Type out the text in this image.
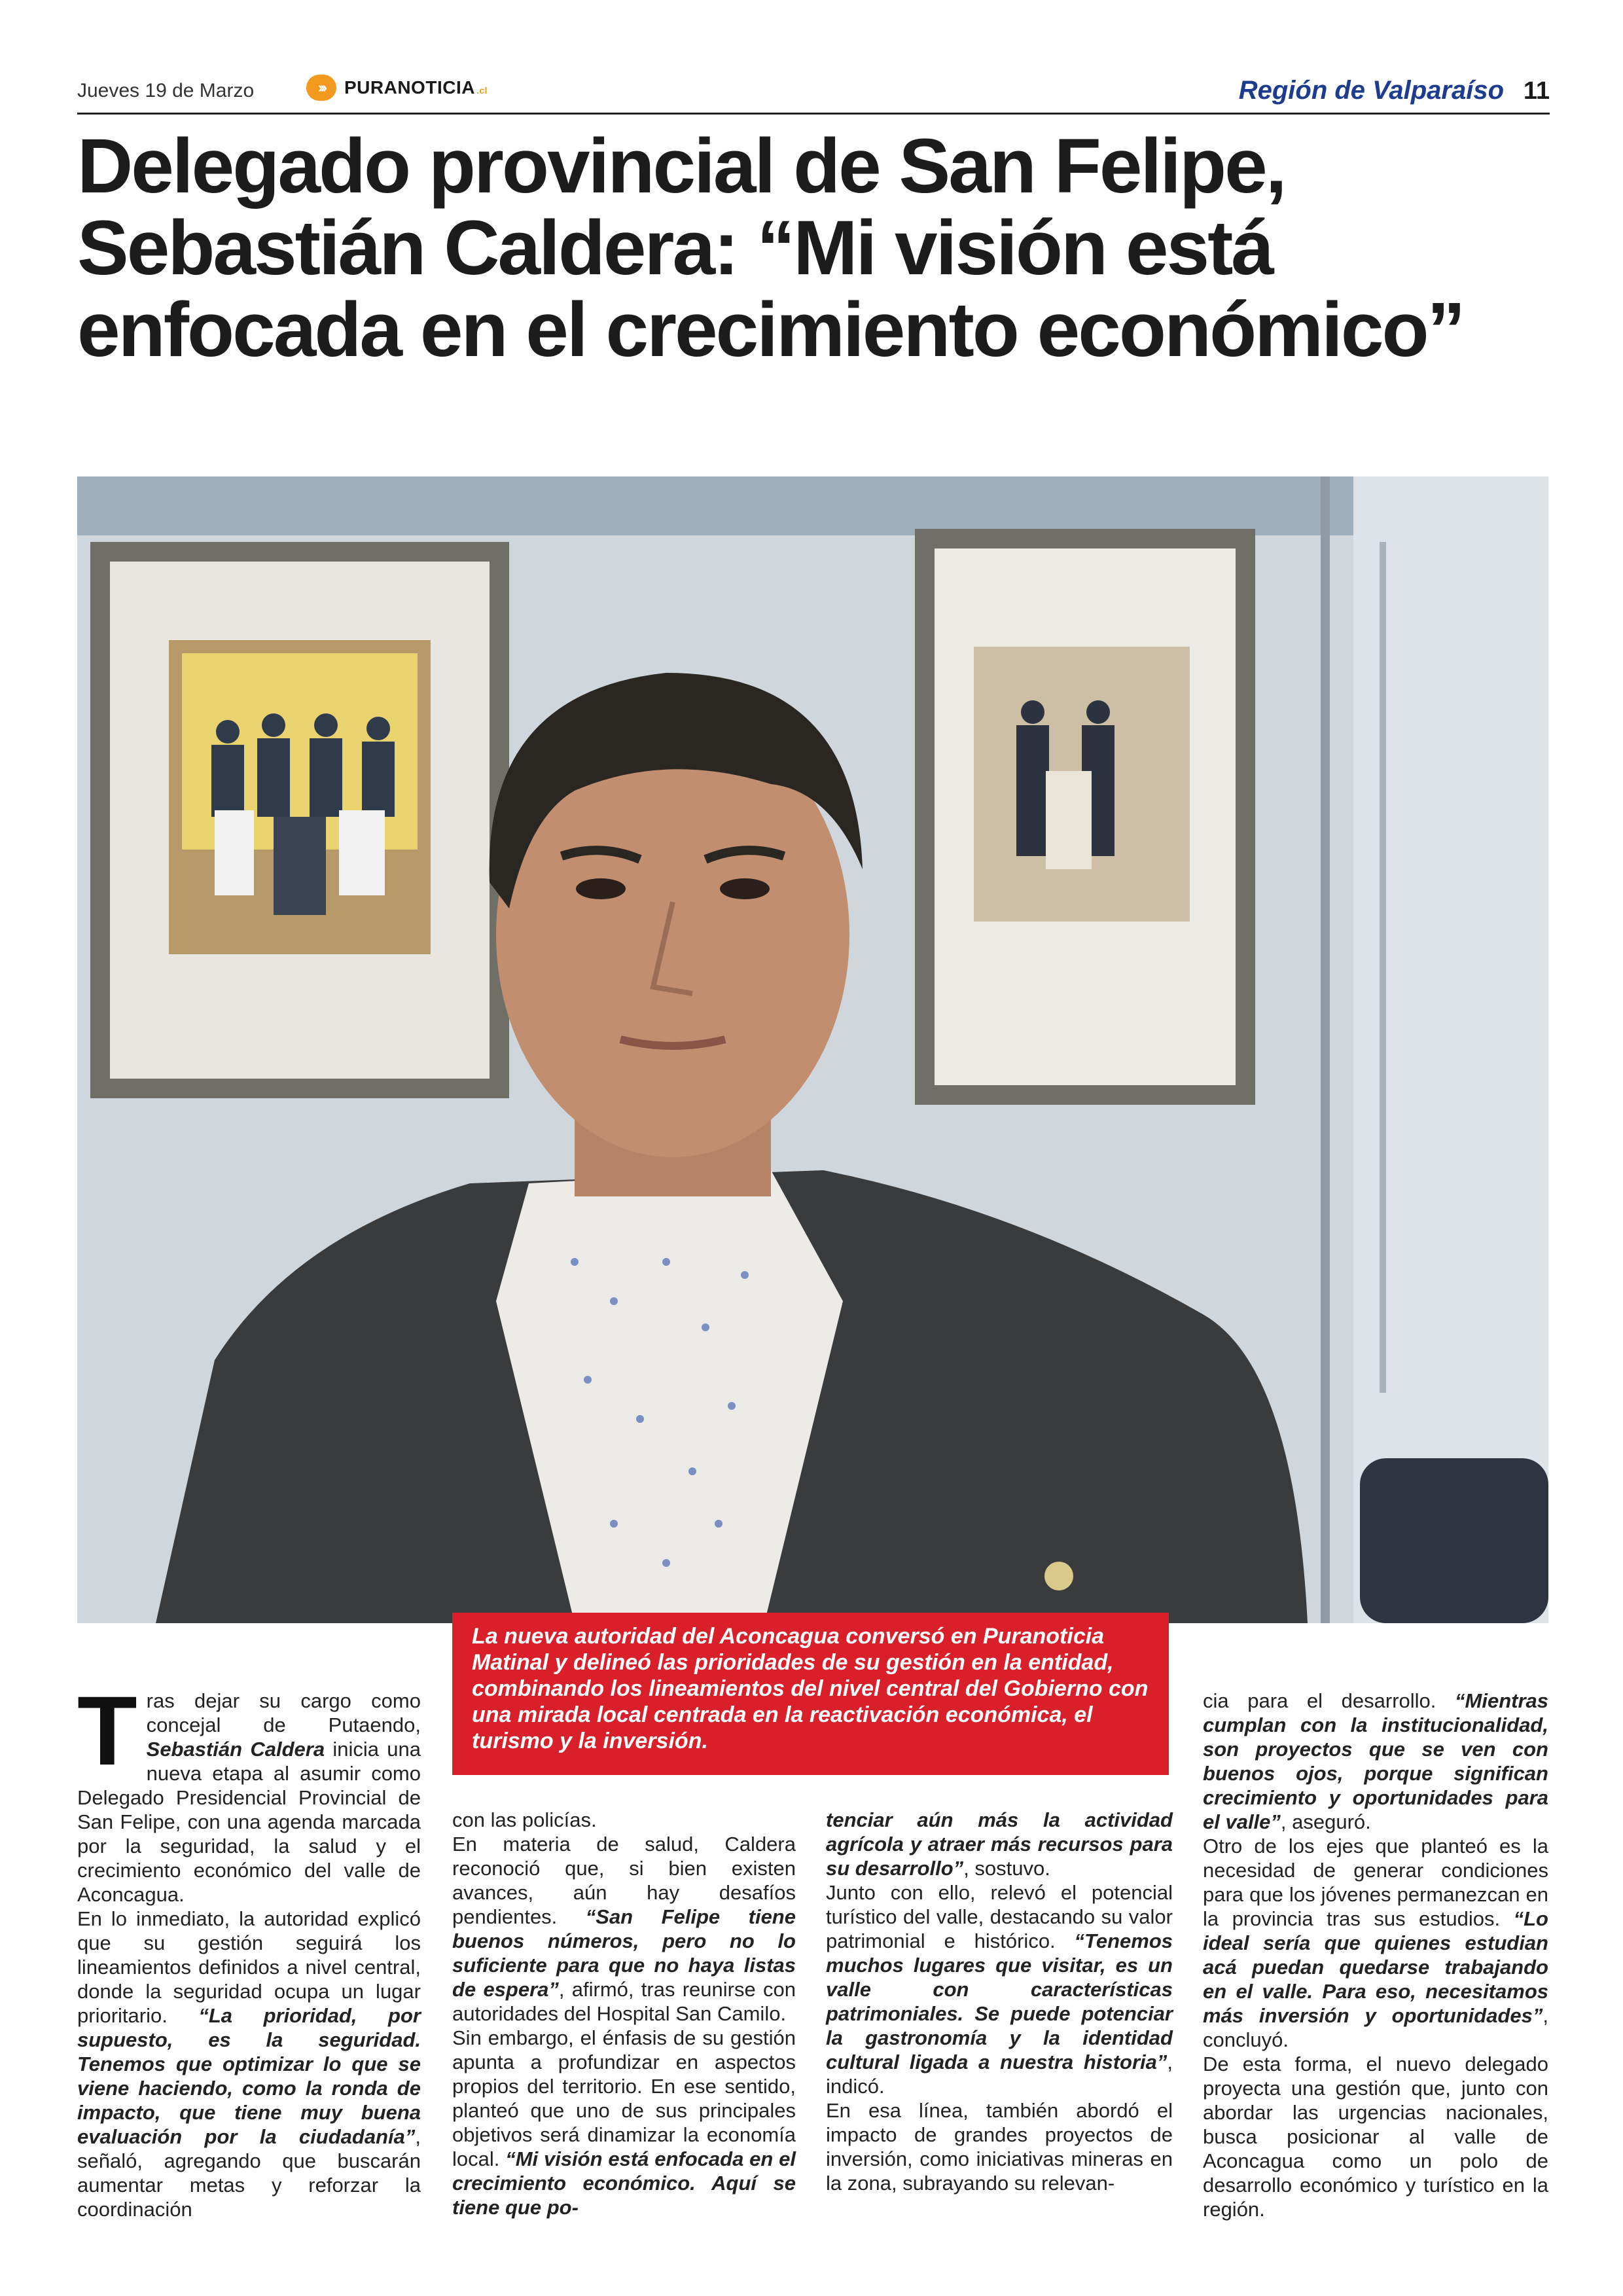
Jueves 19 de Marzo	›››	PURANOTICIA .cl	Región de Valparaíso 11
Delegado provincial de San Felipe, Sebastián Caldera: “Mi visión está enfocada en el crecimiento económico”
La nueva autoridad del Aconcagua conversó en Puranoticia Matinal y delineó las prioridades de su gestión en la entidad, combinando los lineamientos del nivel central del Gobierno con una mirada local centrada en la reactivación económica, el turismo y la inversión.

Tras dejar su cargo como concejal de Putaendo, Sebastián Caldera inicia una nueva etapa al asumir como Delegado Presidencial Provincial de San Felipe, con una agenda marcada por la seguridad, la salud y el crecimiento económico del valle de Aconcagua.

En lo inmediato, la autoridad explicó que su gestión seguirá los lineamientos definidos a nivel central, donde la seguridad ocupa un lugar prioritario. “La prioridad, por supuesto, es la seguridad. Tenemos que optimizar lo que se viene haciendo, como la ronda de impacto, que tiene muy buena evaluación por la ciudadanía”, señaló, agregando que buscarán aumentar metas y reforzar la coordinación

con las policías.

En materia de salud, Caldera reconoció que, si bien existen avances, aún hay desafíos pendientes. “San Felipe tiene buenos números, pero no lo suficiente para que no haya listas de espera”, afirmó, tras reunirse con autoridades del Hospital San Camilo.

Sin embargo, el énfasis de su gestión apunta a profundizar en aspectos propios del territorio. En ese sentido, planteó que uno de sus principales objetivos será dinamizar la economía local. “Mi visión está enfocada en el crecimiento económico. Aquí se tiene que po-

tenciar aún más la actividad agrícola y atraer más recursos para su desarrollo”, sostuvo.

Junto con ello, relevó el potencial turístico del valle, destacando su valor patrimonial e histórico. “Tenemos muchos lugares que visitar, es un valle con características patrimoniales. Se puede potenciar la gastronomía y la identidad cultural ligada a nuestra historia”, indicó.

En esa línea, también abordó el impacto de grandes proyectos de inversión, como iniciativas mineras en la zona, subrayando su relevan-

cia para el desarrollo. “Mientras cumplan con la institucionalidad, son proyectos que se ven con buenos ojos, porque significan crecimiento y oportunidades para el valle”, aseguró.

Otro de los ejes que planteó es la necesidad de generar condiciones para que los jóvenes permanezcan en la provincia tras sus estudios. “Lo ideal sería que quienes estudian acá puedan quedarse trabajando en el valle. Para eso, necesitamos más inversión y oportunidades”, concluyó.

De esta forma, el nuevo delegado proyecta una gestión que, junto con abordar las urgencias nacionales, busca posicionar al valle de Aconcagua como un polo de desarrollo económico y turístico en la región.
